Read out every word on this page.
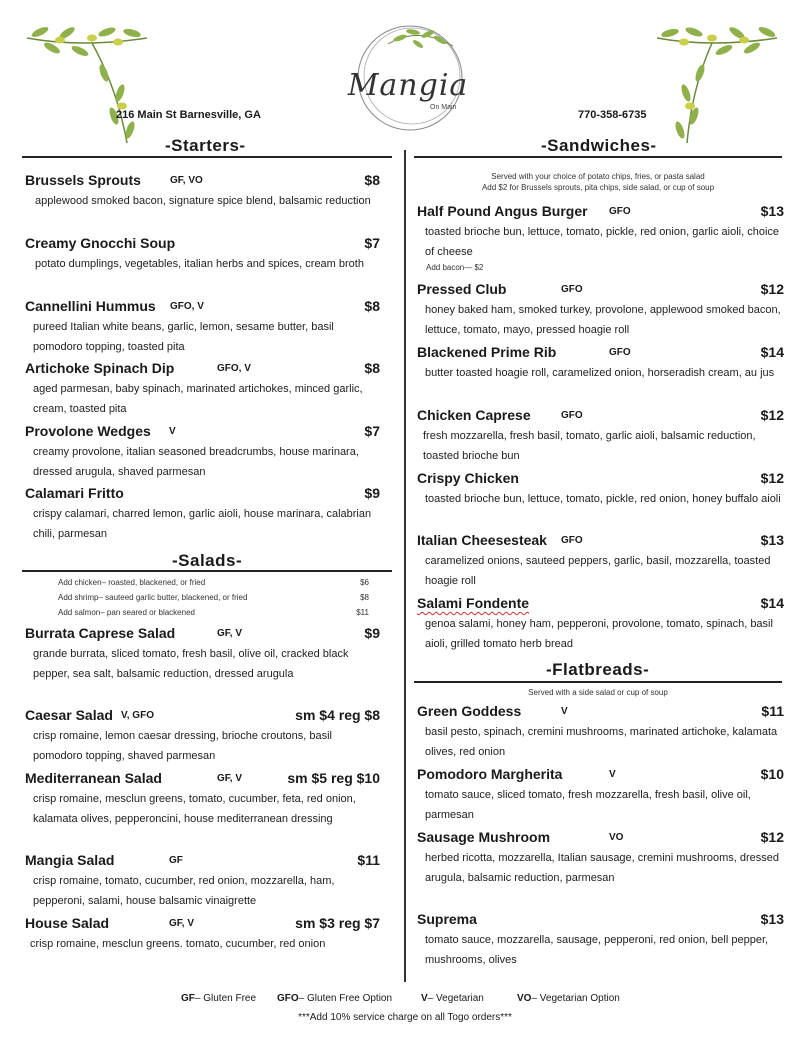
Mangia
On Main
216 Main St Barnesville, GA	770-358-6735
-Starters-	-Sandwiches-
Brussels Sprouts	GF, VO	$8
applewood smoked bacon, signature spice blend, balsamic reduction
Creamy Gnocchi Soup	$7
potato dumplings, vegetables, italian herbs and spices, cream broth
Cannellini Hummus GFO, V	$8
pureed Italian white beans, garlic, lemon, sesame butter, basil pomodoro topping, toasted pita
Artichoke Spinach Dip	GFO, V	$8
aged parmesan, baby spinach, marinated artichokes, minced garlic, cream, toasted pita
Provolone Wedges V	$7
creamy provolone, italian seasoned breadcrumbs, house marinara, dressed arugula, shaved parmesan
Calamari Fritto	$9
crispy calamari, charred lemon, garlic aioli, house marinara, calabrian chili, parmesan
-Salads-
Add chicken– roasted, blackened, or fried	$6
Add shrimp– sauteed garlic butter, blackened, or fried	$8
Add salmon– pan seared or blackened	$11
Burrata Caprese Salad	GF, V	$9
grande burrata, sliced tomato, fresh basil, olive oil, cracked black pepper, sea salt, balsamic reduction, dressed arugula
Caesar Salad V, GFO	sm $4 reg $8
crisp romaine, lemon caesar dressing, brioche croutons, basil pomodoro topping, shaved parmesan
Mediterranean Salad	GF, V	sm $5 reg $10
crisp romaine, mesclun greens, tomato, cucumber, feta, red onion, kalamata olives, pepperoncini, house mediterranean dressing
Mangia Salad	GF	$11
crisp romaine, tomato, cucumber, red onion, mozzarella, ham, pepperoni, salami, house balsamic vinaigrette
House Salad	GF, V	sm $3 reg $7
crisp romaine, mesclun greens. tomato, cucumber, red onion
Served with your choice of potato chips, fries, or pasta salad
Add $2 for Brussels sprouts, pita chips, side salad, or cup of soup
Half Pound Angus Burger GFO	$13
toasted brioche bun, lettuce, tomato, pickle, red onion, garlic aioli, choice of cheese
Add bacon— $2
Pressed Club	GFO	$12
honey baked ham, smoked turkey, provolone, applewood smoked bacon, lettuce, tomato, mayo, pressed hoagie roll
Blackened Prime Rib	GFO	$14
butter toasted hoagie roll, caramelized onion, horseradish cream, au jus
Chicken Caprese	GFO	$12
fresh mozzarella, fresh basil, tomato, garlic aioli, balsamic reduction, toasted brioche bun
Crispy Chicken	$12
toasted brioche bun, lettuce, tomato, pickle, red onion, honey buffalo aioli
Italian Cheesesteak GFO	$13
caramelized onions, sauteed peppers, garlic, basil, mozzarella, toasted hoagie roll
Salami Fondente	$14
genoa salami, honey ham, pepperoni, provolone, tomato, spinach, basil aioli, grilled tomato herb bread
-Flatbreads-
Served with a side salad or cup of soup
Green Goddess	V	$11
basil pesto, spinach, cremini mushrooms, marinated artichoke, kalamata olives, red onion
Pomodoro Margherita	V	$10
tomato sauce, sliced tomato, fresh mozzarella, fresh basil, olive oil, parmesan
Sausage Mushroom	VO	$12
herbed ricotta, mozzarella, Italian sausage, cremini mushrooms, dressed arugula, balsamic reduction, parmesan
Suprema	$13
tomato sauce, mozzarella, sausage, pepperoni, red onion, bell pepper, mushrooms, olives
GF– Gluten Free GFO– Gluten Free Option	V– Vegetarian	VO– Vegetarian Option
***Add 10% service charge on all Togo orders***
